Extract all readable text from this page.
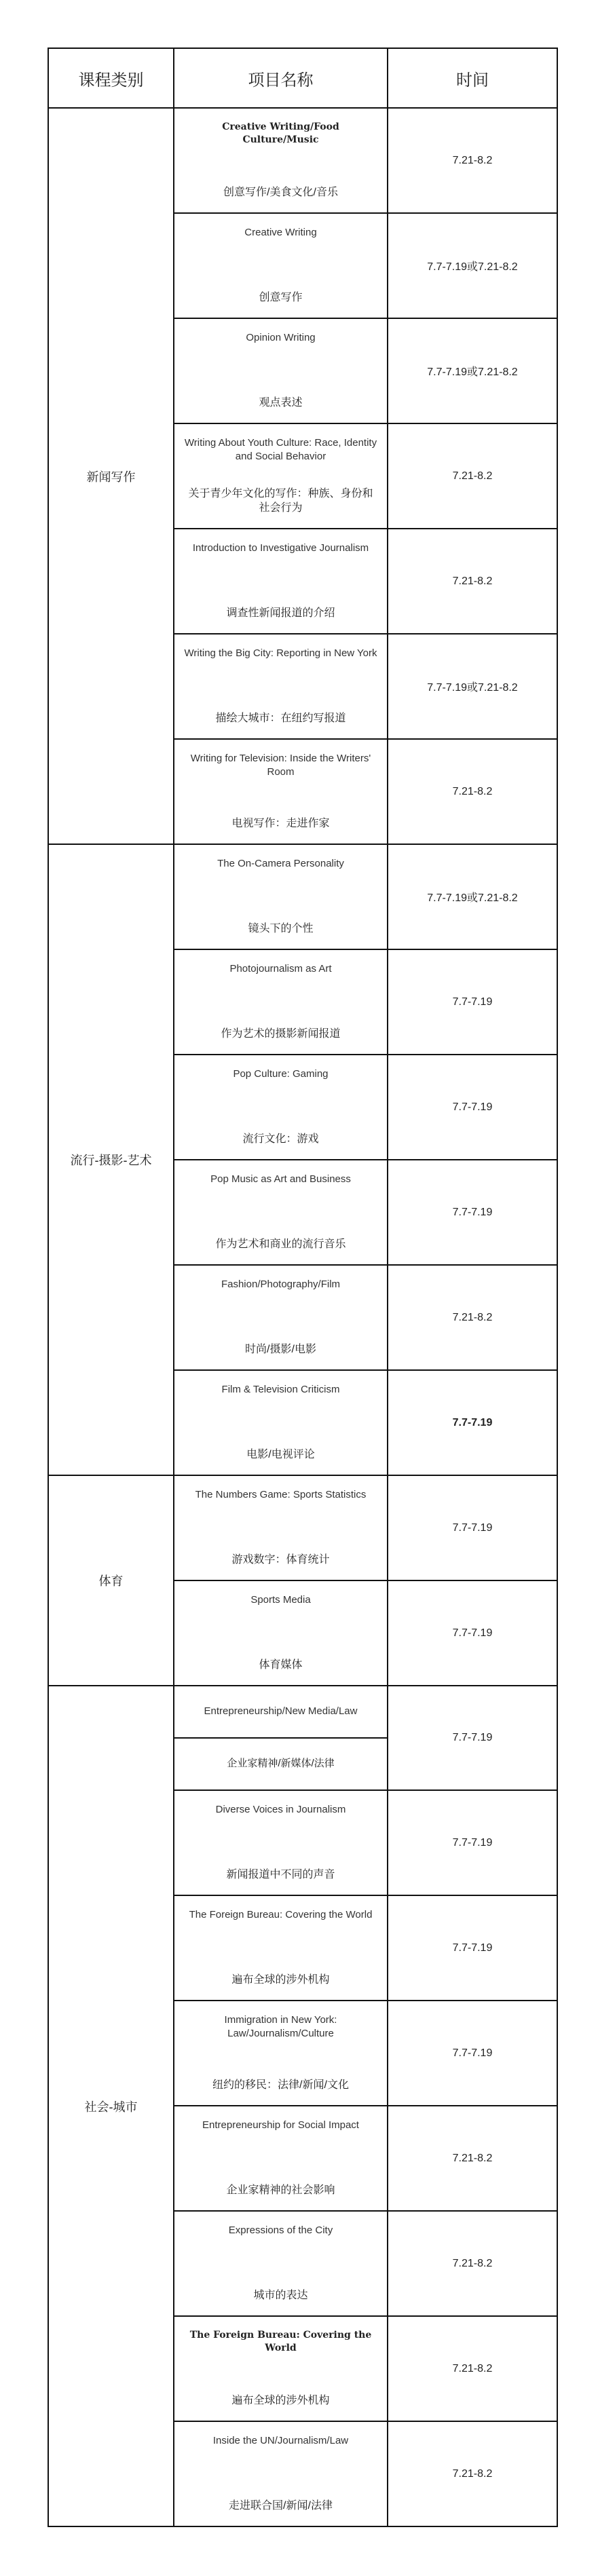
课程类别	项目名称	时间
新闻写作	Creative Writing/Food Culture/Music
创意写作/美食文化/音乐	7.21-8.2

	Creative Writing
创意写作	7.7-7.19或7.21-8.2

	Opinion Writing
观点表述	7.7-7.19或7.21-8.2

	Writing About Youth Culture: Race, Identity and Social Behavior
关于青少年文化的写作：种族、身份和社会行为	7.21-8.2

	Introduction to Investigative Journalism
调查性新闻报道的介绍	7.21-8.2

	Writing the Big City: Reporting in New York
描绘大城市：在纽约写报道	7.7-7.19或7.21-8.2

	Writing for Television: Inside the Writers' Room
电视写作：走进作家	7.21-8.2
流行-摄影-艺术	The On-Camera Personality
镜头下的个性	7.7-7.19或7.21-8.2

	Photojournalism as Art
作为艺术的摄影新闻报道	7.7-7.19

	Pop Culture: Gaming
流行文化：游戏	7.7-7.19

	Pop Music as Art and Business
作为艺术和商业的流行音乐	7.7-7.19

	Fashion/Photography/Film
时尚/摄影/电影	7.21-8.2

	Film & Television Criticism
电影/电视评论	7.7-7.19
体育	The Numbers Game: Sports Statistics
游戏数字：体育统计	7.7-7.19

	Sports Media
体育媒体	7.7-7.19
社会-城市	Entrepreneurship/New Media/Law	7.7-7.19
	企业家精神/新媒体/法律	

	Diverse Voices in Journalism
新闻报道中不同的声音	7.7-7.19

	The Foreign Bureau: Covering the World
遍布全球的涉外机构	7.7-7.19

	Immigration in New York: Law/Journalism/Culture
纽约的移民：法律/新闻/文化	7.7-7.19

	Entrepreneurship for Social Impact
企业家精神的社会影响	7.21-8.2

	Expressions of the City
城市的表达	7.21-8.2

	The Foreign Bureau: Covering the World
遍布全球的涉外机构	7.21-8.2

	Inside the UN/Journalism/Law
走进联合国/新闻/法律	7.21-8.2
